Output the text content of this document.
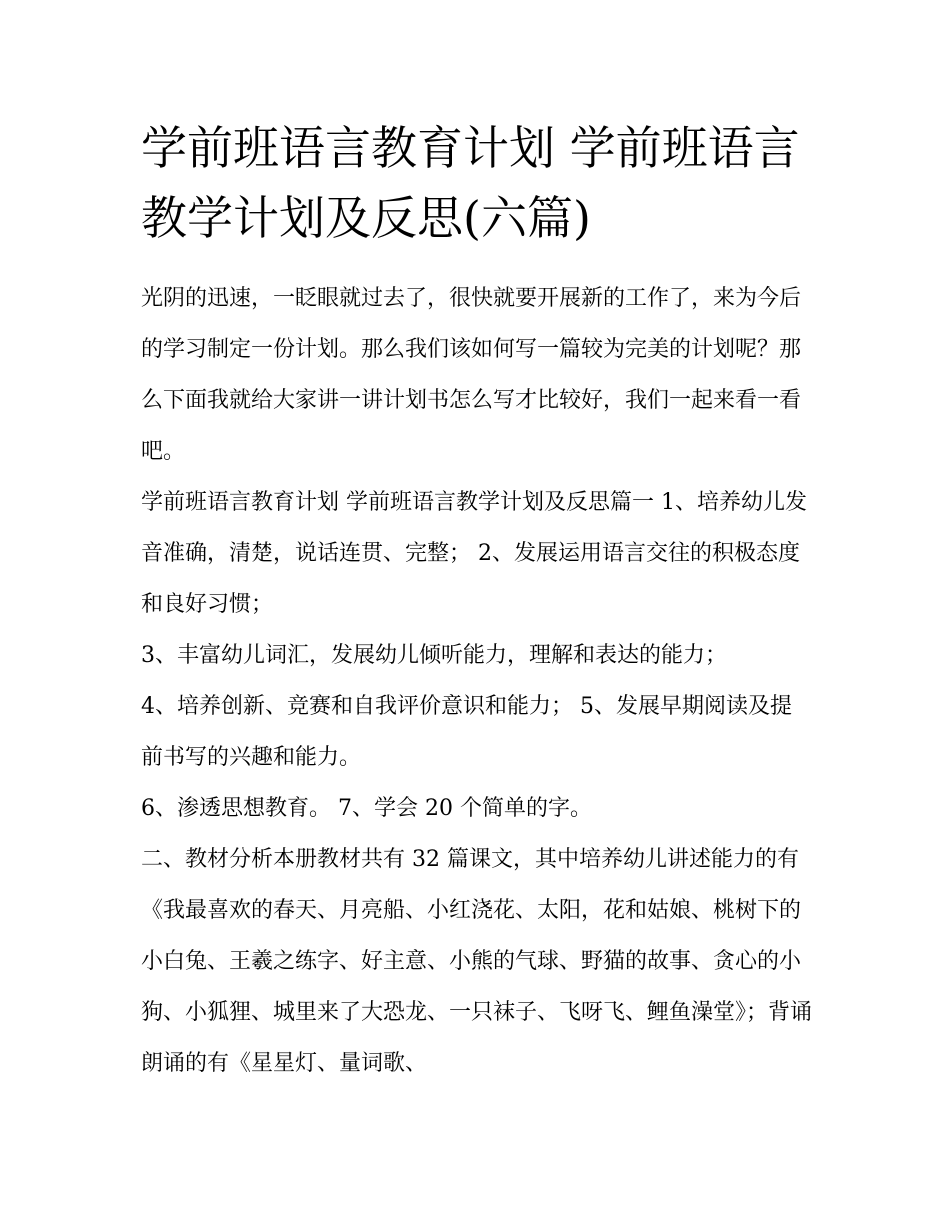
学前班语言教育计划 学前班语言教学计划及反思(六篇)

光阴的迅速，一眨眼就过去了，很快就要开展新的工作了，来为今后的学习制定一份计划。那么我们该如何写一篇较为完美的计划呢？那么下面我就给大家讲一讲计划书怎么写才比较好，我们一起来看一看吧。

学前班语言教育计划 学前班语言教学计划及反思篇一 1、培养幼儿发音准确，清楚，说话连贯、完整； 2、发展运用语言交往的积极态度和良好习惯；

3、丰富幼儿词汇，发展幼儿倾听能力，理解和表达的能力；

4、培养创新、竞赛和自我评价意识和能力； 5、发展早期阅读及提前书写的兴趣和能力。

6、渗透思想教育。 7、学会 20 个简单的字。

二、教材分析本册教材共有 32 篇课文，其中培养幼儿讲述能力的有《我最喜欢的春天、月亮船、小红浇花、太阳，花和姑娘、桃树下的小白兔、王羲之练字、好主意、小熊的气球、野猫的故事、贪心的小狗、小狐狸、城里来了大恐龙、一只袜子、飞呀飞、鲤鱼澡堂》；背诵朗诵的有《星星灯、量词歌、
